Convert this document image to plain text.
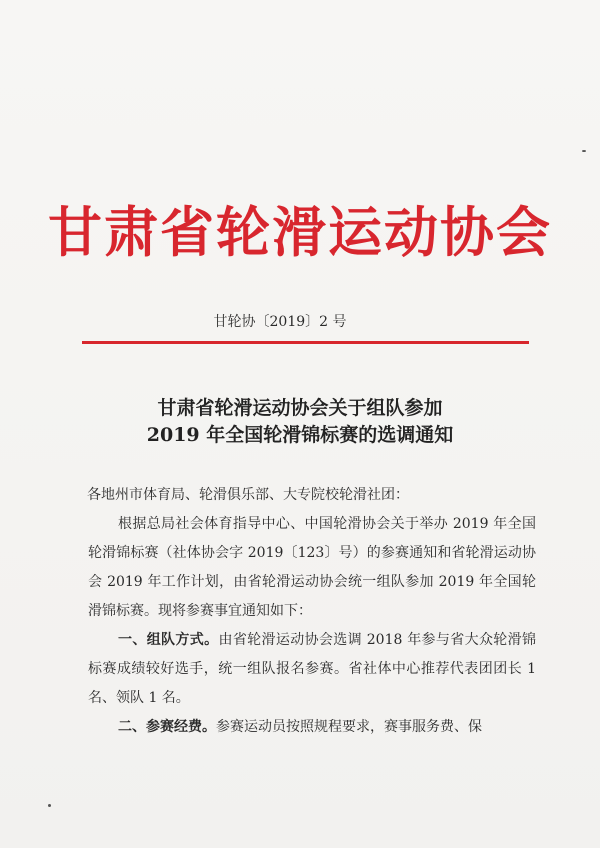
甘肃省轮滑运动协会
甘轮协〔2019〕2 号
甘肃省轮滑运动协会关于组队参加
2019 年全国轮滑锦标赛的选调通知

各地州市体育局、轮滑俱乐部、大专院校轮滑社团：

根据总局社会体育指导中心、中国轮滑协会关于举办 2019 年全国轮滑锦标赛（社体协会字 2019〔123〕号）的参赛通知和省轮滑运动协会 2019 年工作计划，由省轮滑运动协会统一组队参加 2019 年全国轮滑锦标赛。现将参赛事宜通知如下：

一、组队方式。由省轮滑运动协会选调 2018 年参与省大众轮滑锦标赛成绩较好选手，统一组队报名参赛。省社体中心推荐代表团团长 1 名、领队 1 名。

二、参赛经费。参赛运动员按照规程要求，赛事服务费、保
